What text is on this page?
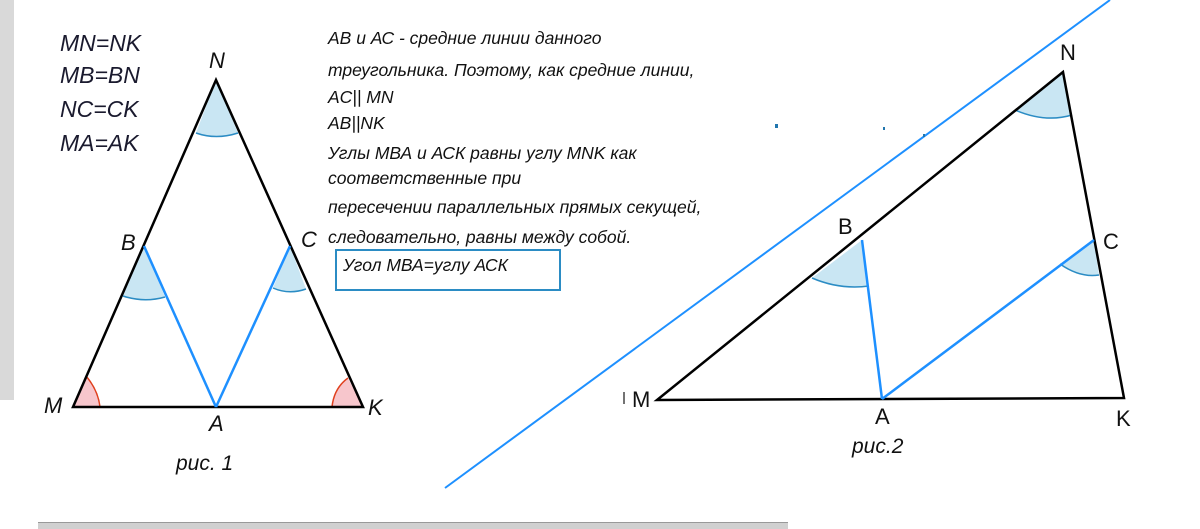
MN=NK
MB=BN
NC=CK
MA=AK
N
B	C
M
A
K
рис. 1
АВ и АС - средние линии данного
треугольника. Поэтому, как средние линии,
AC|| MN
AB||NK
Углы МВА и АСК равны углу MNK как
соответственные при
пересечении параллельных прямых секущей,
следовательно, равны между собой.
Угол МВА=углу АСК
N
B
C
M
A	K
рис.2
